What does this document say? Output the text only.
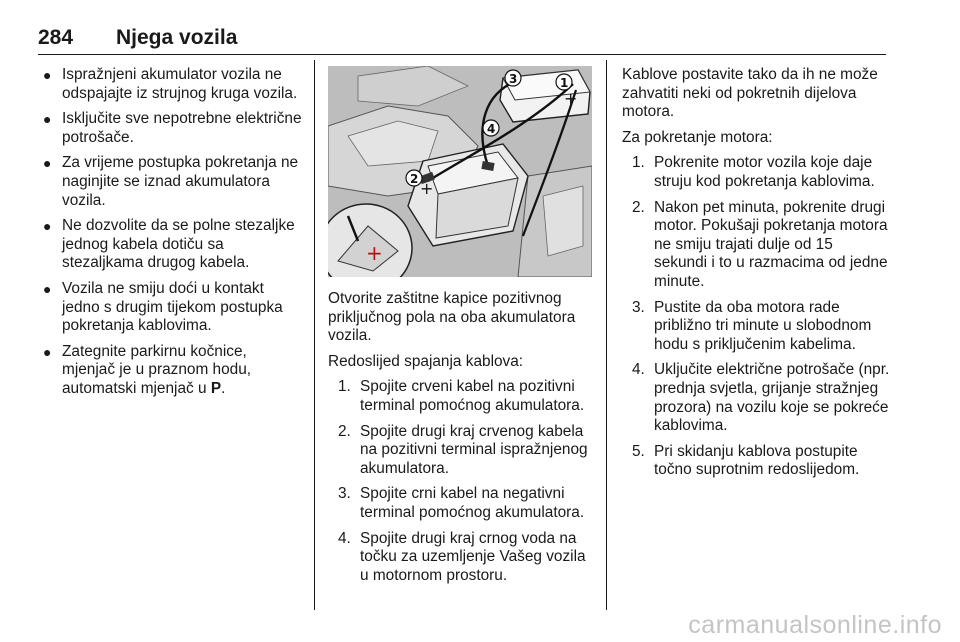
284 Njega vozila
● Ispražnjeni akumulator vozila ne odspajajte iz strujnog kruga vozila.
● Isključite sve nepotrebne električne potrošače.
● Za vrijeme postupka pokretanja ne naginjite se iznad akumulatora vozila.
● Ne dozvolite da se polne stezaljke jednog kabela dotiču sa stezaljkama drugog kabela.
● Vozila ne smiju doći u kontakt jedno s drugim tijekom postupka pokretanja kablovima.
● Zategnite parkirnu kočnice, mjenjač je u praznom hodu, automatski mjenjač u P.
+
3	1
4
2
+
+

Otvorite zaštitne kapice pozitivnog priključnog pola na oba akumulatora vozila.

Redoslijed spajanja kablova:

1. Spojite crveni kabel na pozitivni terminal pomoćnog akumulatora.
2. Spojite drugi kraj crvenog kabela na pozitivni terminal ispražnjenog akumulatora.
3. Spojite crni kabel na negativni terminal pomoćnog akumulatora.
4. Spojite drugi kraj crnog voda na točku za uzemljenje Vašeg vozila u motornom prostoru.

Kablove postavite tako da ih ne može zahvatiti neki od pokretnih dijelova motora.

Za pokretanje motora:

1. Pokrenite motor vozila koje daje struju kod pokretanja kablovima.
2. Nakon pet minuta, pokrenite drugi motor. Pokušaji pokretanja motora ne smiju trajati dulje od 15 sekundi i to u razmacima od jedne minute.
3. Pustite da oba motora rade približno tri minute u slobodnom hodu s priključenim kabelima.
4. Uključite električne potrošače (npr. prednja svjetla, grijanje stražnjeg prozora) na vozilu koje se pokreće kablovima.
5. Pri skidanju kablova postupite točno suprotnim redoslijedom.
carmanualsonline.info
